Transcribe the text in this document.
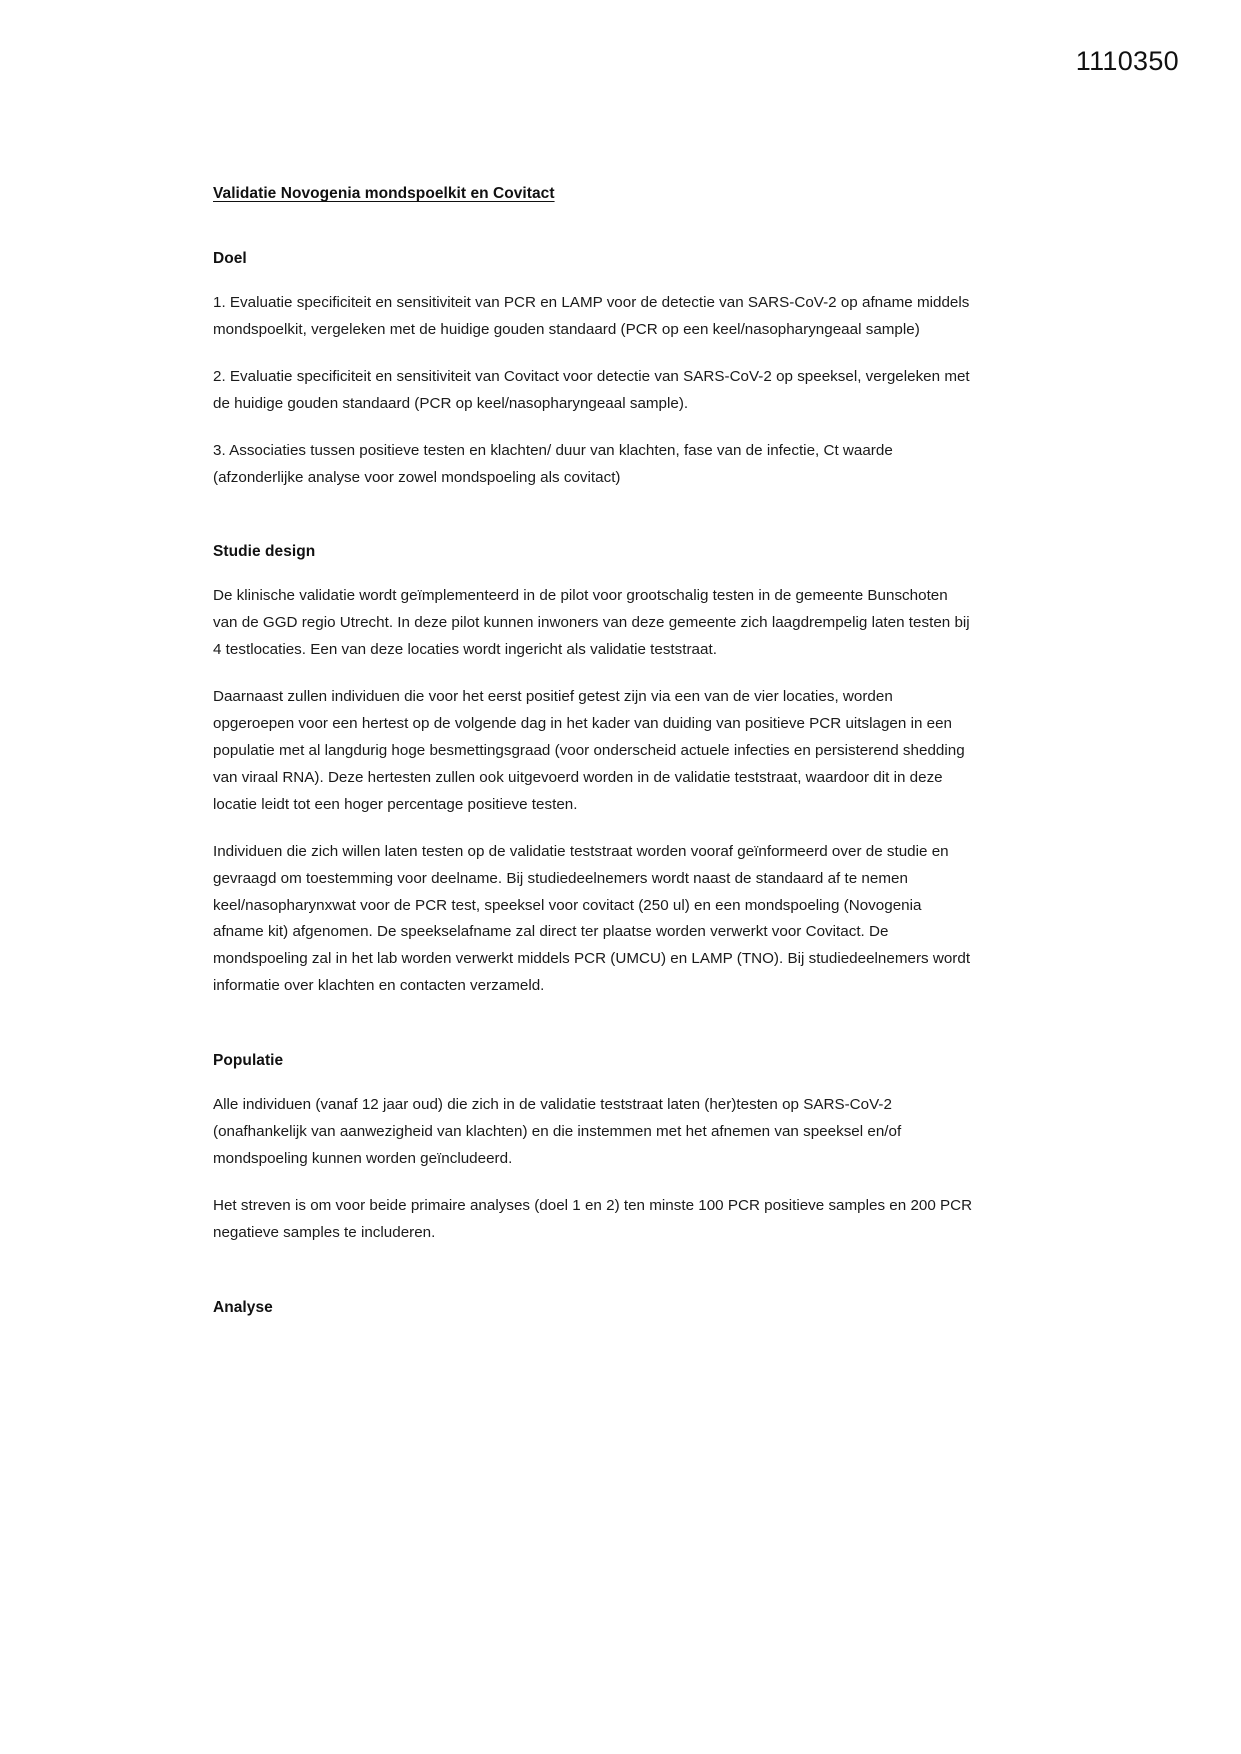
1110350
Validatie Novogenia mondspoelkit en Covitact
Doel

1. Evaluatie specificiteit en sensitiviteit van PCR en LAMP voor de detectie van SARS-CoV-2 op afname middels mondspoelkit, vergeleken met de huidige gouden standaard (PCR op een keel/nasopharyngeaal sample)

2. Evaluatie specificiteit en sensitiviteit van Covitact voor detectie van SARS-CoV-2 op speeksel, vergeleken met de huidige gouden standaard (PCR op keel/nasopharyngeaal sample).

3. Associaties tussen positieve testen en klachten/ duur van klachten, fase van de infectie, Ct waarde (afzonderlijke analyse voor zowel mondspoeling als covitact)

Studie design

De klinische validatie wordt geïmplementeerd in de pilot voor grootschalig testen in de gemeente Bunschoten van de GGD regio Utrecht. In deze pilot kunnen inwoners van deze gemeente zich laagdrempelig laten testen bij 4 testlocaties. Een van deze locaties wordt ingericht als validatie teststraat.

Daarnaast zullen individuen die voor het eerst positief getest zijn via een van de vier locaties, worden opgeroepen voor een hertest op de volgende dag in het kader van duiding van positieve PCR uitslagen in een populatie met al langdurig hoge besmettingsgraad (voor onderscheid actuele infecties en persisterend shedding van viraal RNA). Deze hertesten zullen ook uitgevoerd worden in de validatie teststraat, waardoor dit in deze locatie leidt tot een hoger percentage positieve testen.

Individuen die zich willen laten testen op de validatie teststraat worden vooraf geïnformeerd over de studie en gevraagd om toestemming voor deelname. Bij studiedeelnemers wordt naast de standaard af te nemen keel/nasopharynxwat voor de PCR test, speeksel voor covitact (250 ul) en een mondspoeling (Novogenia afname kit) afgenomen. De speekselafname zal direct ter plaatse worden verwerkt voor Covitact. De mondspoeling zal in het lab worden verwerkt middels PCR (UMCU) en LAMP (TNO). Bij studiedeelnemers wordt informatie over klachten en contacten verzameld.

Populatie

Alle individuen (vanaf 12 jaar oud) die zich in de validatie teststraat laten (her)testen op SARS-CoV-2 (onafhankelijk van aanwezigheid van klachten) en die instemmen met het afnemen van speeksel en/of mondspoeling kunnen worden geïncludeerd.

Het streven is om voor beide primaire analyses (doel 1 en 2) ten minste 100 PCR positieve samples en 200 PCR negatieve samples te includeren.

Analyse
